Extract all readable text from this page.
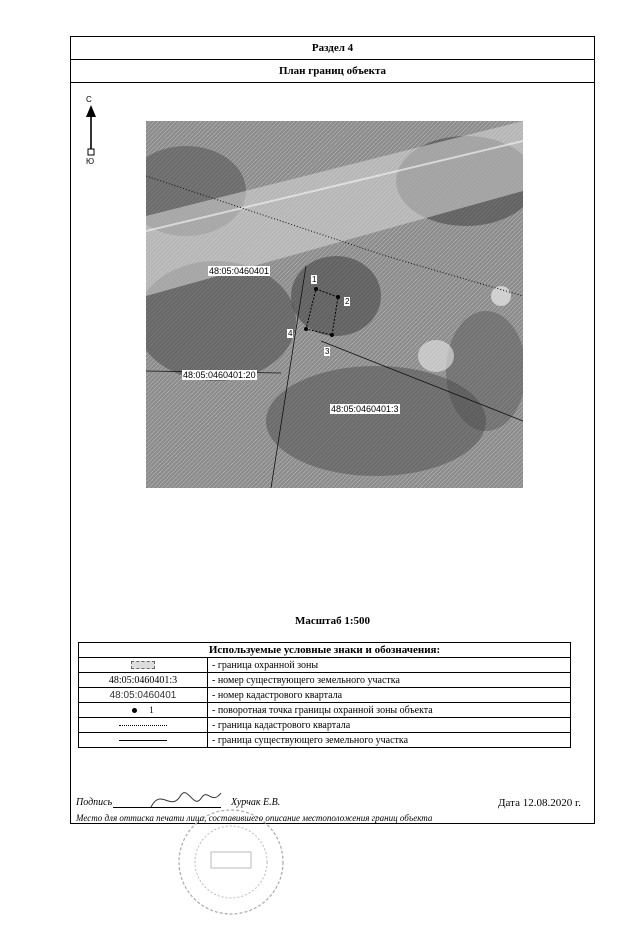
Раздел 4
План границ объекта
С
Ю
48:05:0460401
48:05:0460401:20
48:05:0460401:3
1
2
3
4
Масштаб 1:500
Используемые условные знаки и обозначения:	
	- граница охранной зоны
48:05:0460401:3	- номер существующего земельного участка
48:05:0460401	- номер кадастрового квартала
1	- поворотная точка границы охранной зоны объекта
	- граница кадастрового квартала
	- граница существующего земельного участка
Подпись	Хурчак Е.В.	Дата 12.08.2020 г.
Место для оттиска печати лица, составившего описание местоположения границ объекта
